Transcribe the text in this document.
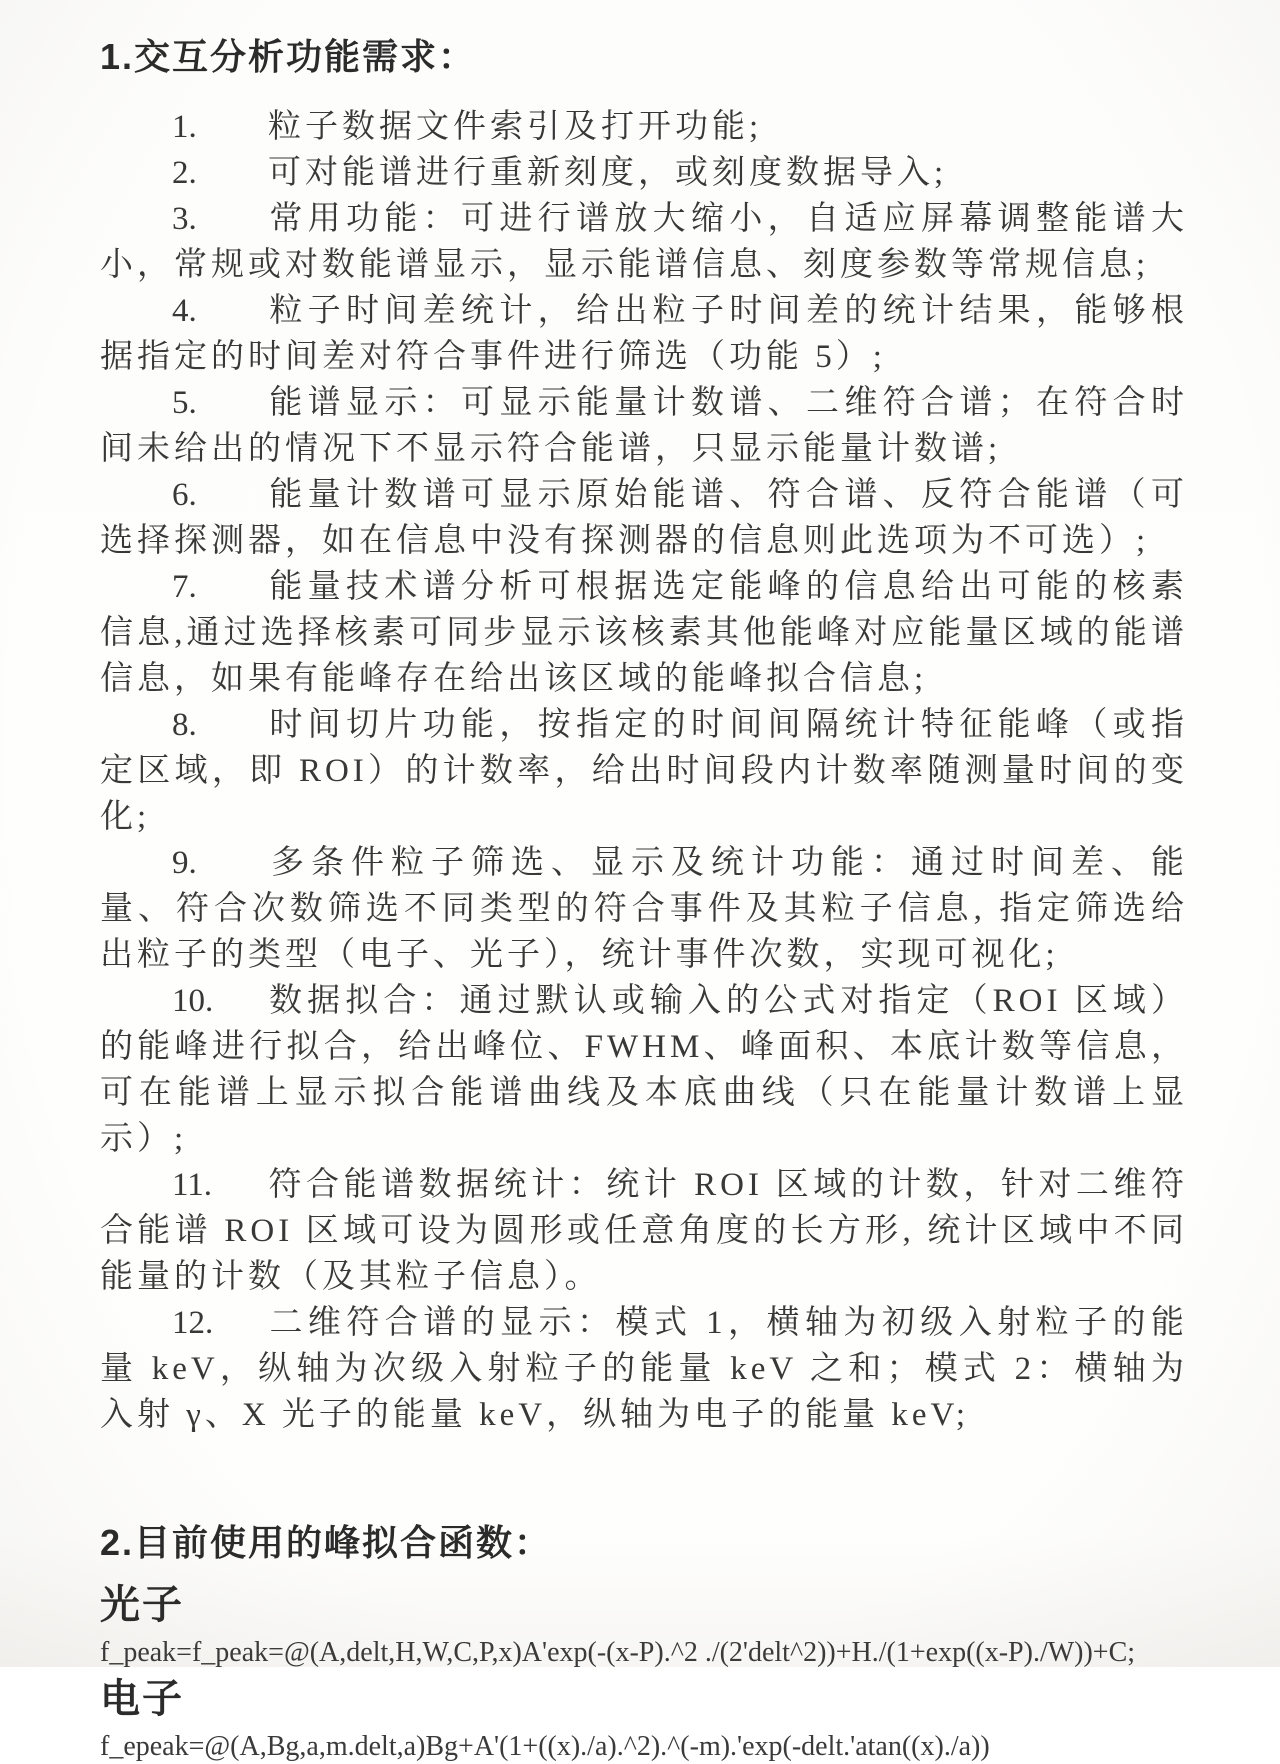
1.交互分析功能需求：

1. 粒子数据文件索引及打开功能;

2. 可对能谱进行重新刻度，或刻度数据导入;

3. 常用功能：可进行谱放大缩小，自适应屏幕调整能谱大小，常规或对数能谱显示，显示能谱信息、刻度参数等常规信息;

4. 粒子时间差统计，给出粒子时间差的统计结果，能够根据指定的时间差对符合事件进行筛选（功能 5）;

5. 能谱显示：可显示能量计数谱、二维符合谱；在符合时间未给出的情况下不显示符合能谱，只显示能量计数谱;

6. 能量计数谱可显示原始能谱、符合谱、反符合能谱（可选择探测器，如在信息中没有探测器的信息则此选项为不可选）;

7. 能量技术谱分析可根据选定能峰的信息给出可能的核素信息,通过选择核素可同步显示该核素其他能峰对应能量区域的能谱信息，如果有能峰存在给出该区域的能峰拟合信息;

8. 时间切片功能，按指定的时间间隔统计特征能峰（或指定区域，即 ROI）的计数率，给出时间段内计数率随测量时间的变化;

9. 多条件粒子筛选、显示及统计功能：通过时间差、能量、符合次数筛选不同类型的符合事件及其粒子信息, 指定筛选给出粒子的类型（电子、光子），统计事件次数，实现可视化;

10. 数据拟合：通过默认或输入的公式对指定（ROI 区域）的能峰进行拟合，给出峰位、FWHM、峰面积、本底计数等信息，可在能谱上显示拟合能谱曲线及本底曲线（只在能量计数谱上显示）;

11. 符合能谱数据统计：统计 ROI 区域的计数，针对二维符合能谱 ROI 区域可设为圆形或任意角度的长方形, 统计区域中不同能量的计数（及其粒子信息）。

12. 二维符合谱的显示：模式 1，横轴为初级入射粒子的能量 keV，纵轴为次级入射粒子的能量 keV 之和；模式 2：横轴为入射 γ、X 光子的能量 keV，纵轴为电子的能量 keV;

2.目前使用的峰拟合函数：
光子
f_peak=f_peak=@(A,delt,H,W,C,P,x)A'exp(-(x-P).^2 ./(2'delt^2))+H./(1+exp((x-P)./W))+C;
电子
f_epeak=@(A,Bg,a,m.delt,a)Bg+A'(1+((x)./a).^2).^(-m).'exp(-delt.'atan((x)./a))
